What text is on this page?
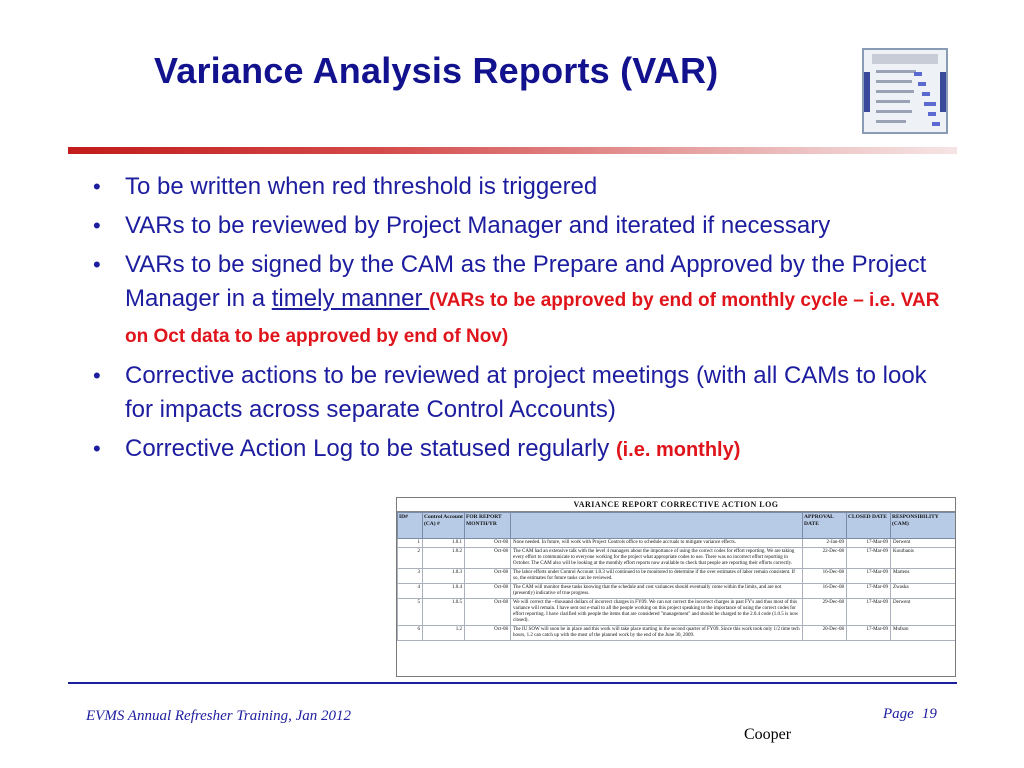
Variance Analysis Reports (VAR)
• To be written when red threshold is triggered
• VARs to be reviewed by Project Manager and iterated if necessary
• VARs to be signed by the CAM as the Prepare and Approved by the Project Manager in a timely manner (VARs to be approved by end of monthly cycle – i.e. VAR on Oct data to be approved by end of Nov)
• Corrective actions to be reviewed at project meetings (with all CAMs to look for impacts across separate Control Accounts)
• Corrective Action Log to be statused regularly (i.e. monthly)
VARIANCE REPORT CORRECTIVE ACTION LOG
ID#	Control Account (CA) #	FOR REPORT MONTH/YR		APPROVAL DATE	CLOSED DATE	RESPONSIBILITY (CAM)
1	1.0.1	Oct-08	None needed. In future, will work with Project Controls office to schedule accruals to mitigate variance effects.	2-Jan-09	17-Mar-09	Derwent
2	1.0.2	Oct-08	The CAM had an extensive talk with the level 4 managers about the importance of using the correct codes for effort reporting. We are taking every effort to communicate to everyone working for the project what appropriate codes to use. There was no incorrect effort reporting in October. The CAM also will be looking at the monthly effort reports now available to check that people are reporting their efforts correctly.	22-Dec-08	17-Mar-09	Kourbanis
3	1.0.3	Oct-08	The labor efforts under Control Account 1.0.3 will continued to be monitored to determine if the over estimates of labor remain consistent. If so, the estimates for future tasks can be reviewed.	16-Dec-08	17-Mar-09	Martens
4	1.0.4	Oct-08	The CAM will monitor these tasks knowing that the schedule and cost variances should eventually come within the limits, and are not (presently) indicative of true progress.	16-Dec-08	17-Mar-09	Zwaska
5	1.0.5	Oct-08	We will correct the ~thousand dollars of incorrect charges in FY09. We can not correct the incorrect charges in past FY's and thus most of this variance will remain. I have sent out e-mail to all the people working on this project speaking to the importance of using the correct codes for effort reporting. I have clarified with people the items that are considered "management" and should be charged to the 2.0.4 code (1.0.5 is now closed).	29-Dec-08	17-Mar-09	Derwent
6	1.2	Oct-08	The IU SOW will soon be in place and this work will take place starting in the second quarter of FY09. Since this work took only 1/2 time tech hours, 1.2 can catch up with the most of the planned work by the end of the June 30, 2009.	20-Dec-08	17-Mar-09	Mufson
EVMS Annual Refresher Training, Jan 2012	Page 19
Cooper
